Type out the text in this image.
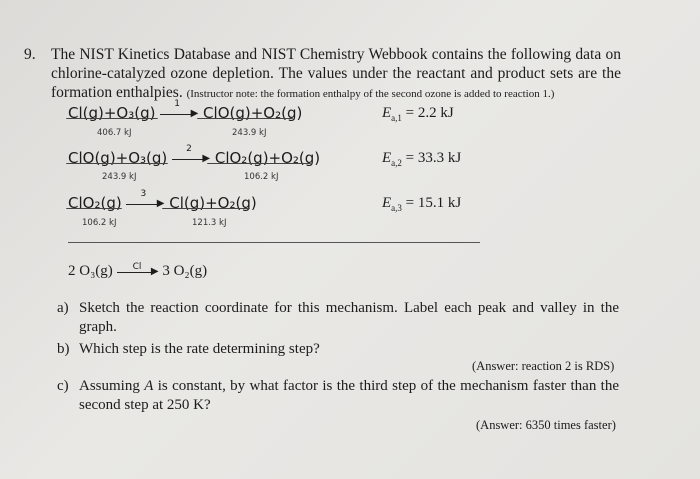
9. The NIST Kinetics Database and NIST Chemistry Webbook contains the following data on chlorine-catalyzed ozone depletion. The values under the reactant and product sets are the formation enthalpies. (Instructor note: the formation enthalpy of the second ozone is added to reaction 1.)
Cl(g)+O₃(g)	▶
1
ClO(g)+O₂(g)
406.7 kJ	243.9 kJ
$E_{a,1} = 2.2$ kJ
ClO(g)+O₃(g)	▶
2
ClO₂(g)+O₂(g)
243.9 kJ	106.2 kJ
$E_{a,2} = 33.3$ kJ
ClO₂(g)	▶
3
Cl(g)+O₂(g)
106.2 kJ	121.3 kJ
$E_{a,3} = 15.1$ kJ
2 O₃(g)	▶
Cl 3 O₂(g)
a) Sketch the reaction coordinate for this mechanism. Label each peak and valley in the graph.
b) Which step is the rate determining step?
(Answer: reaction 2 is RDS)
c) Assuming A is constant, by what factor is the third step of the mechanism faster than the second step at 250 K?
(Answer: 6350 times faster)
